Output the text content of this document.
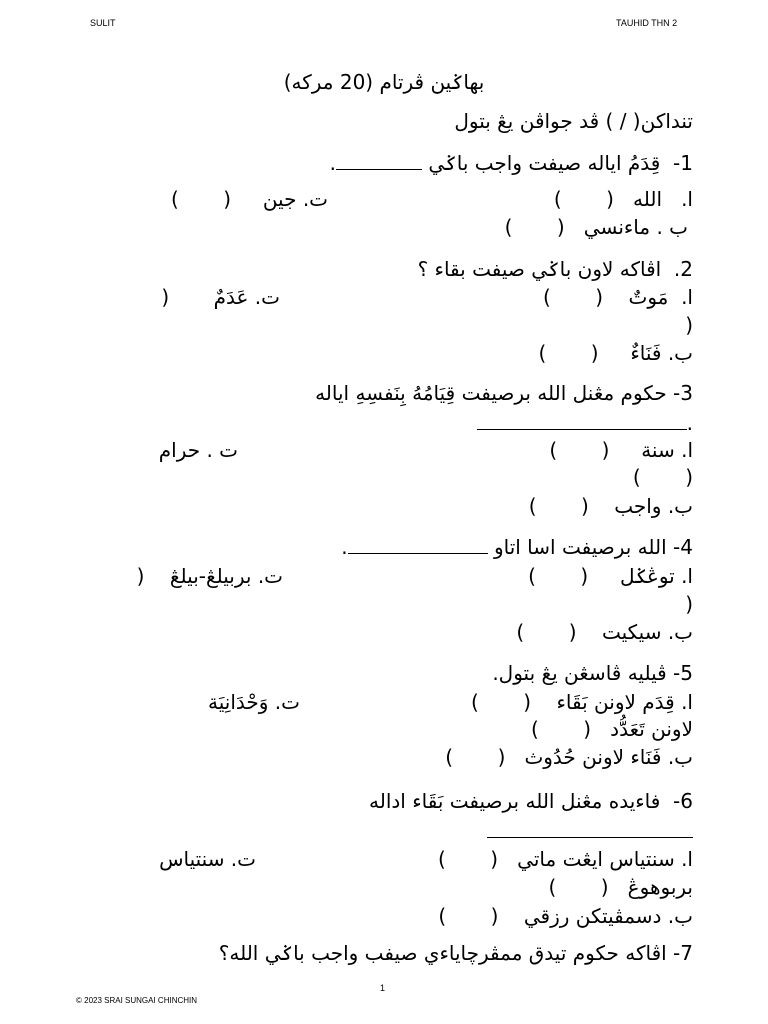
SULIT	TAUHID THN 2
بهاݢين ڤرتام (20 مركه)
تنداكن( / ) ڤد جواڤن يڠ بتول
1-  قِدَمُ اياله صيفت واجب باݢي .
ا.   الله   (       )
ت. جين     (       )
ب . ماءنسي   (       )
2.  اڤاكه لاون باݢي صيفت بقاء ؟
ا.  مَوتٌ    (       )
ت. عَدَمٌ       (
)
ب. فَنَاءٌ     (       )
3- حكوم مڠنل الله برصيفت قِيَامُهُ بِنَفسِهِ اياله
.
ا. سنة     (       )
ت . حرام
(       )
ب. واجب    (       )
4- الله برصيفت اسا اتاو .
ا. توڠݢل     (       )
ت. بربيلڠ-بيلڠ    (
)
ب. سيكيت    (       )
5- ڤيليه ڤاسڠن يڠ بتول.
ا. قِدَم لاونن بَقَاء    (       )
ت. وَحْدَانِيَة
لاونن تَعَدُّد   (       )
ب. فَنَاء لاونن حُدُوث   (       )
6-  فاءيده مڠنل الله برصيفت بَقَاء اداله
ا. سنتياس ايڠت ماتي   (       )
ت. سنتياس
بربوهوڠ   (       )
ب. دسمڤيتكن رزقي    (       )
7- اڤاكه حكوم تيدق ممڤرچاياءي صيفب واجب باݢي الله؟
1
© 2023 SRAI SUNGAI CHINCHIN
